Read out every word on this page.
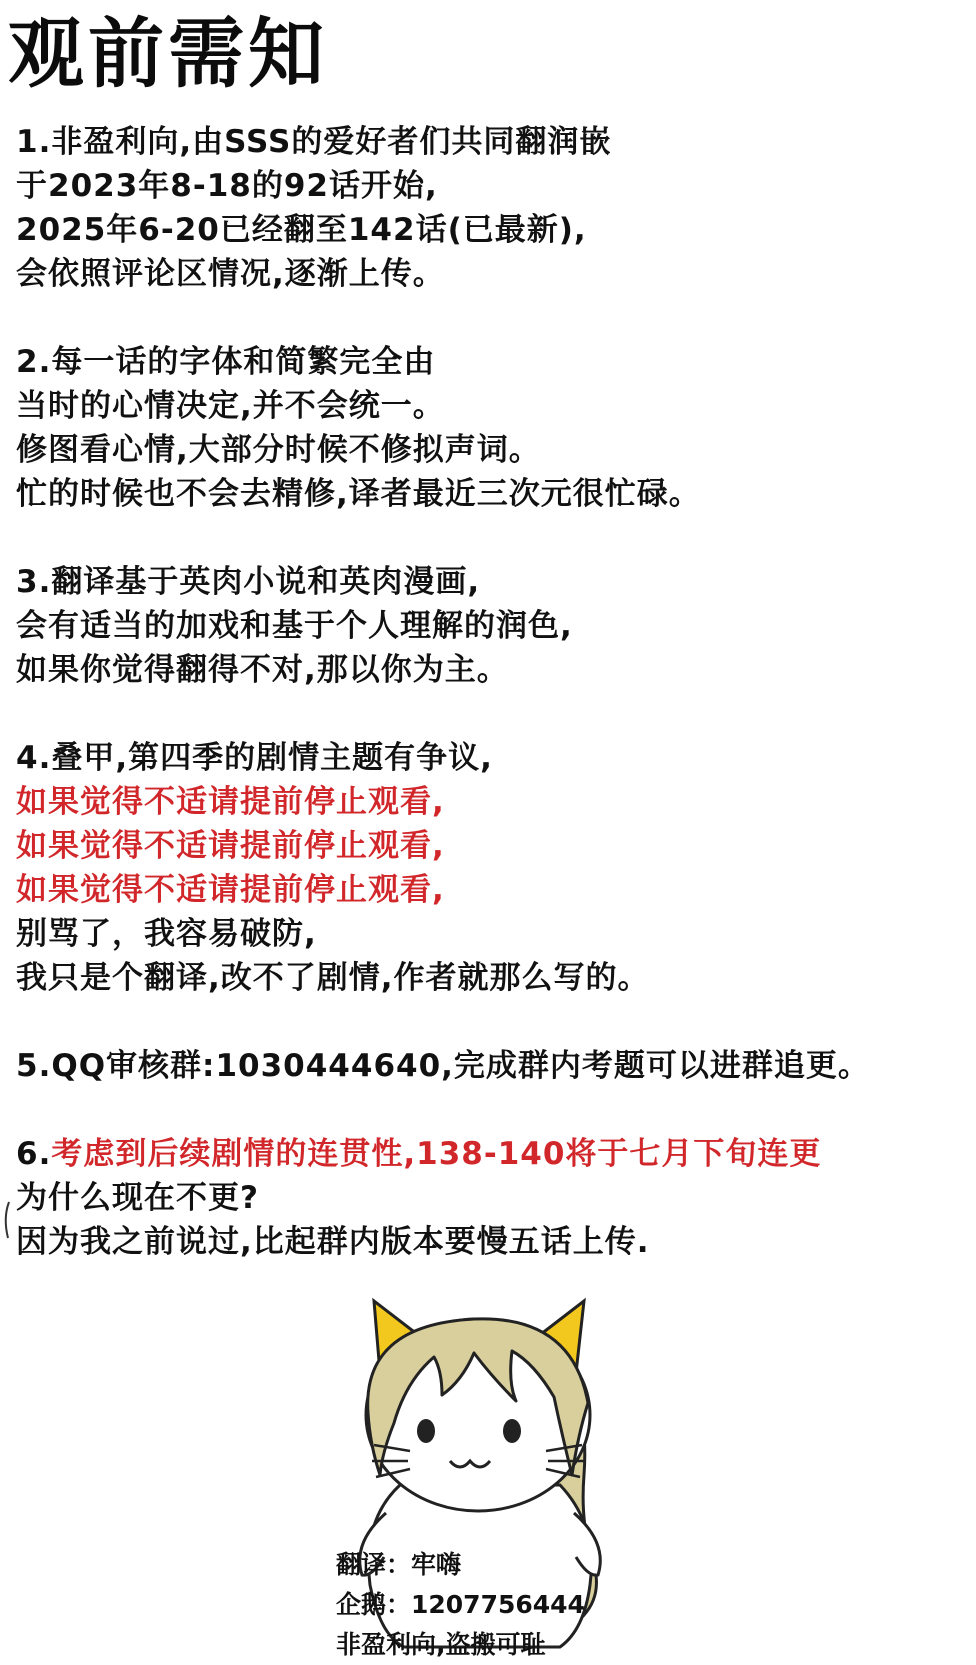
观前需知
1.非盈利向,由SSS的爱好者们共同翻润嵌
于2023年8-18的92话开始,
2025年6-20已经翻至142话(已最新),
会依照评论区情况,逐渐上传。
2.每一话的字体和简繁完全由
当时的心情决定,并不会统一。
修图看心情,大部分时候不修拟声词。
忙的时候也不会去精修,译者最近三次元很忙碌。
3.翻译基于英肉小说和英肉漫画,
会有适当的加戏和基于个人理解的润色,
如果你觉得翻得不对,那以你为主。
4.叠甲,第四季的剧情主题有争议,
如果觉得不适请提前停止观看,
如果觉得不适请提前停止观看,
如果觉得不适请提前停止观看,
别骂了，我容易破防,
我只是个翻译,改不了剧情,作者就那么写的。
5.QQ审核群:1030444640,完成群内考题可以进群追更。
6.考虑到后续剧情的连贯性,138-140将于七月下旬连更
为什么现在不更?
因为我之前说过,比起群内版本要慢五话上传.
翻译：牢嗨
企鹅：1207756444
非盈利向,盗搬可耻
